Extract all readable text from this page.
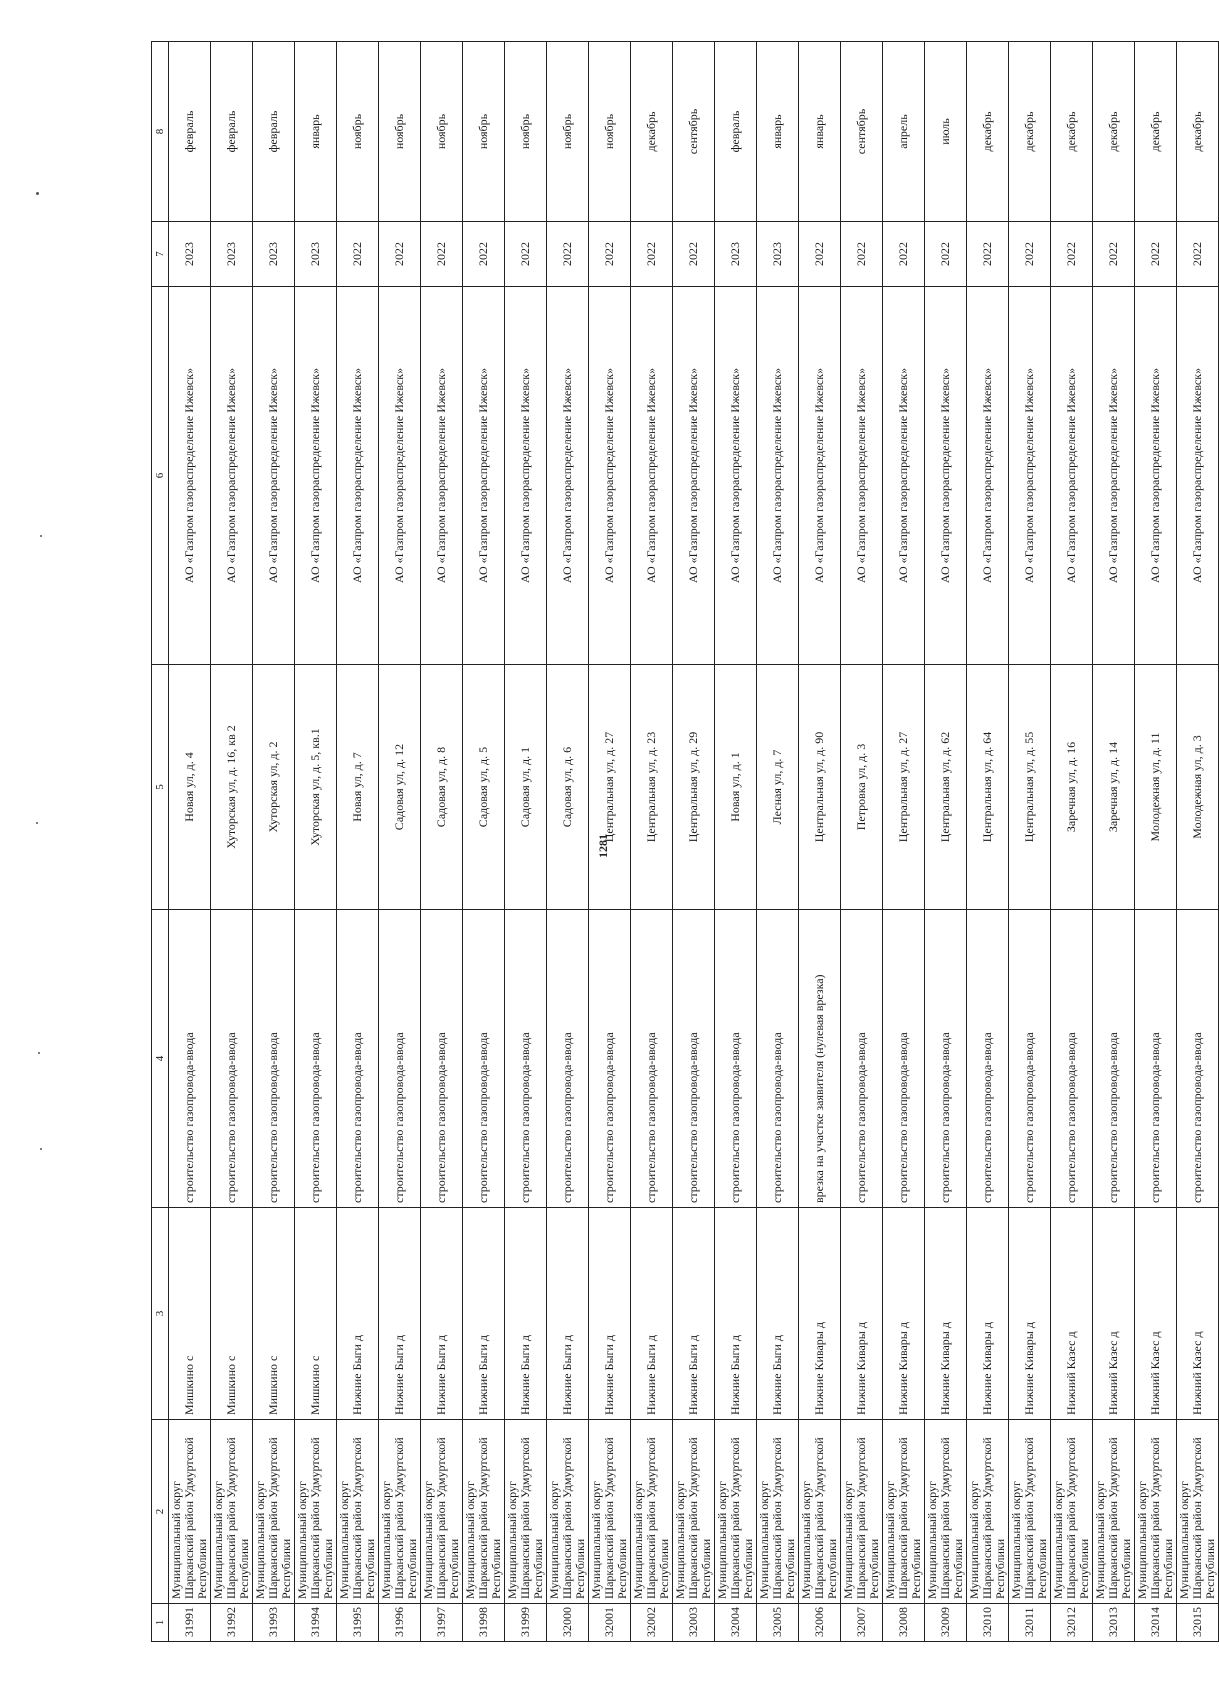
1281
1	2	3	4	5	6	7	8
31991	Муниципальный округ Шарканский район Удмуртской Республики	Мишкино с	строительство газопровода-ввода	Новая ул, д. 4	АО «Газпром газораспределение Ижевск»	2023	февраль
31992	Муниципальный округ Шарканский район Удмуртской Республики	Мишкино с	строительство газопровода-ввода	Хуторская ул, д. 16, кв 2	АО «Газпром газораспределение Ижевск»	2023	февраль
31993	Муниципальный округ Шарканский район Удмуртской Республики	Мишкино с	строительство газопровода-ввода	Хуторская ул, д. 2	АО «Газпром газораспределение Ижевск»	2023	февраль
31994	Муниципальный округ Шарканский район Удмуртской Республики	Мишкино с	строительство газопровода-ввода	Хуторская ул, д. 5, кв.1	АО «Газпром газораспределение Ижевск»	2023	январь
31995	Муниципальный округ Шарканский район Удмуртской Республики	Нижние Быги д	строительство газопровода-ввода	Новая ул, д. 7	АО «Газпром газораспределение Ижевск»	2022	ноябрь
31996	Муниципальный округ Шарканский район Удмуртской Республики	Нижние Быги д	строительство газопровода-ввода	Садовая ул, д. 12	АО «Газпром газораспределение Ижевск»	2022	ноябрь
31997	Муниципальный округ Шарканский район Удмуртской Республики	Нижние Быги д	строительство газопровода-ввода	Садовая ул, д. 8	АО «Газпром газораспределение Ижевск»	2022	ноябрь
31998	Муниципальный округ Шарканский район Удмуртской Республики	Нижние Быги д	строительство газопровода-ввода	Садовая ул, д. 5	АО «Газпром газораспределение Ижевск»	2022	ноябрь
31999	Муниципальный округ Шарканский район Удмуртской Республики	Нижние Быги д	строительство газопровода-ввода	Садовая ул, д. 1	АО «Газпром газораспределение Ижевск»	2022	ноябрь
32000	Муниципальный округ Шарканский район Удмуртской Республики	Нижние Быги д	строительство газопровода-ввода	Садовая ул, д. 6	АО «Газпром газораспределение Ижевск»	2022	ноябрь
32001	Муниципальный округ Шарканский район Удмуртской Республики	Нижние Быги д	строительство газопровода-ввода	Центральная ул, д. 27	АО «Газпром газораспределение Ижевск»	2022	ноябрь
32002	Муниципальный округ Шарканский район Удмуртской Республики	Нижние Быги д	строительство газопровода-ввода	Центральная ул, д. 23	АО «Газпром газораспределение Ижевск»	2022	декабрь
32003	Муниципальный округ Шарканский район Удмуртской Республики	Нижние Быги д	строительство газопровода-ввода	Центральная ул, д. 29	АО «Газпром газораспределение Ижевск»	2022	сентябрь
32004	Муниципальный округ Шарканский район Удмуртской Республики	Нижние Быги д	строительство газопровода-ввода	Новая ул, д. 1	АО «Газпром газораспределение Ижевск»	2023	февраль
32005	Муниципальный округ Шарканский район Удмуртской Республики	Нижние Быги д	строительство газопровода-ввода	Лесная ул, д. 7	АО «Газпром газораспределение Ижевск»	2023	январь
32006	Муниципальный округ Шарканский район Удмуртской Республики	Нижние Кивары д	врезка на участке заявителя (нулевая врезка)	Центральная ул, д. 90	АО «Газпром газораспределение Ижевск»	2022	январь
32007	Муниципальный округ Шарканский район Удмуртской Республики	Нижние Кивары д	строительство газопровода-ввода	Петровка ул, д. 3	АО «Газпром газораспределение Ижевск»	2022	сентябрь
32008	Муниципальный округ Шарканский район Удмуртской Республики	Нижние Кивары д	строительство газопровода-ввода	Центральная ул, д. 27	АО «Газпром газораспределение Ижевск»	2022	апрель
32009	Муниципальный округ Шарканский район Удмуртской Республики	Нижние Кивары д	строительство газопровода-ввода	Центральная ул, д. 62	АО «Газпром газораспределение Ижевск»	2022	июль
32010	Муниципальный округ Шарканский район Удмуртской Республики	Нижние Кивары д	строительство газопровода-ввода	Центральная ул, д. 64	АО «Газпром газораспределение Ижевск»	2022	декабрь
32011	Муниципальный округ Шарканский район Удмуртской Республики	Нижние Кивары д	строительство газопровода-ввода	Центральная ул, д. 55	АО «Газпром газораспределение Ижевск»	2022	декабрь
32012	Муниципальный округ Шарканский район Удмуртской Республики	Нижний Казес д	строительство газопровода-ввода	Заречная ул, д. 16	АО «Газпром газораспределение Ижевск»	2022	декабрь
32013	Муниципальный округ Шарканский район Удмуртской Республики	Нижний Казес д	строительство газопровода-ввода	Заречная ул, д. 14	АО «Газпром газораспределение Ижевск»	2022	декабрь
32014	Муниципальный округ Шарканский район Удмуртской Республики	Нижний Казес д	строительство газопровода-ввода	Молодежная ул, д. 11	АО «Газпром газораспределение Ижевск»	2022	декабрь
32015	Муниципальный округ Шарканский район Удмуртской Республики	Нижний Казес д	строительство газопровода-ввода	Молодежная ул, д. 3	АО «Газпром газораспределение Ижевск»	2022	декабрь
